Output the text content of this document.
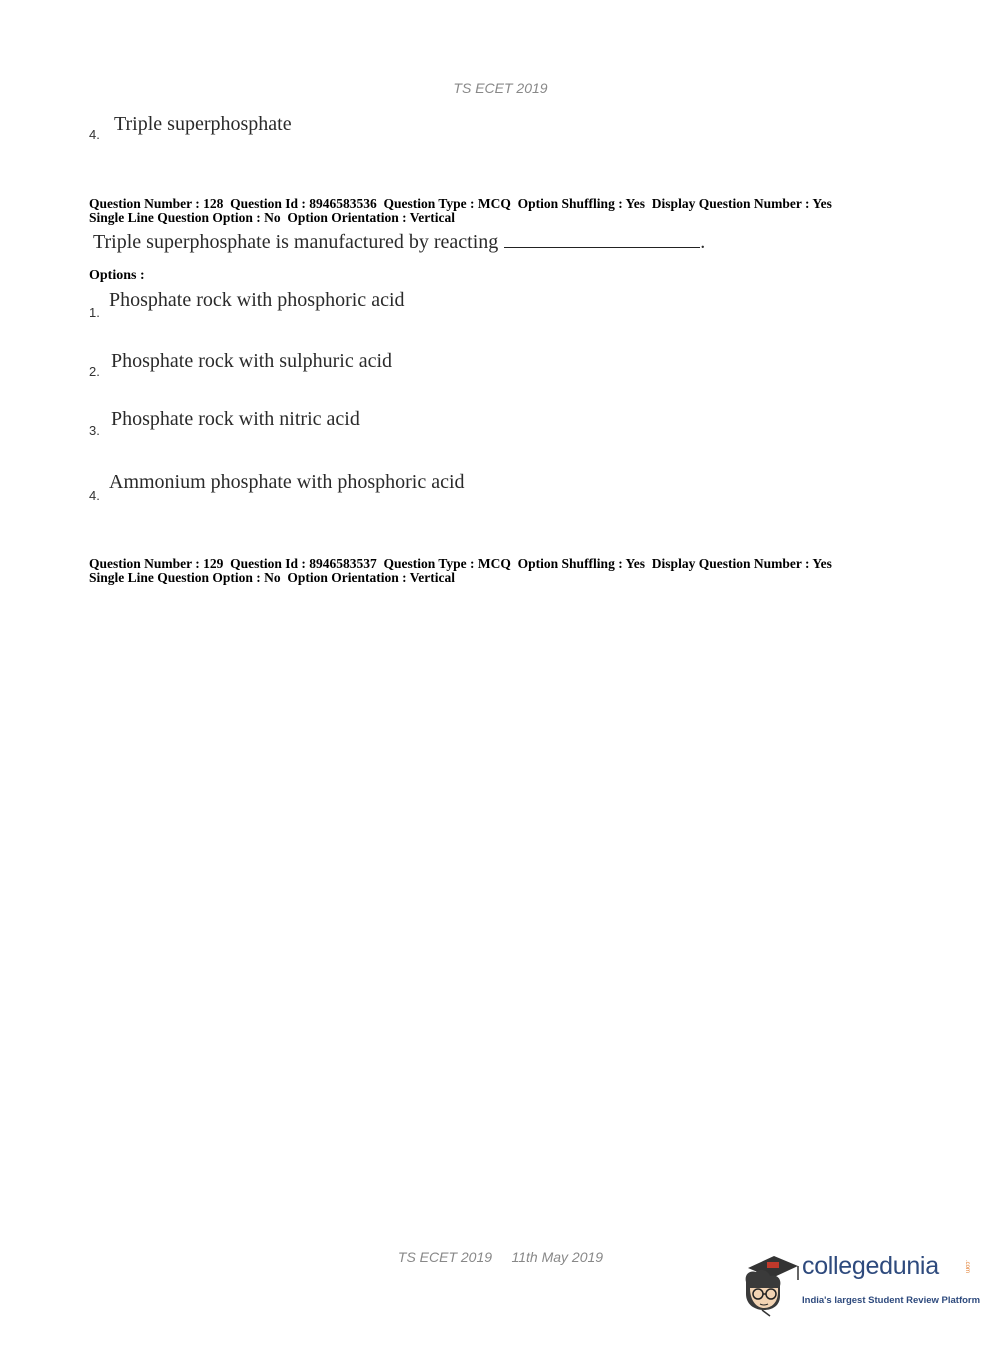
TS ECET 2019
4. Triple superphosphate
Question Number : 128  Question Id : 8946583536  Question Type : MCQ  Option Shuffling : Yes  Display Question Number : Yes
Single Line Question Option : No  Option Orientation : Vertical
Triple superphosphate is manufactured by reacting	.
Options :
1.
Phosphate rock with phosphoric acid
2. Phosphate rock with sulphuric acid
3.
Phosphate rock with nitric acid
4.
Ammonium phosphate with phosphoric acid
Question Number : 129  Question Id : 8946583537  Question Type : MCQ  Option Shuffling : Yes  Display Question Number : Yes
Single Line Question Option : No  Option Orientation : Vertical
TS ECET 2019 11th May 2019	collegedunia	.com
India's largest Student Review Platform
